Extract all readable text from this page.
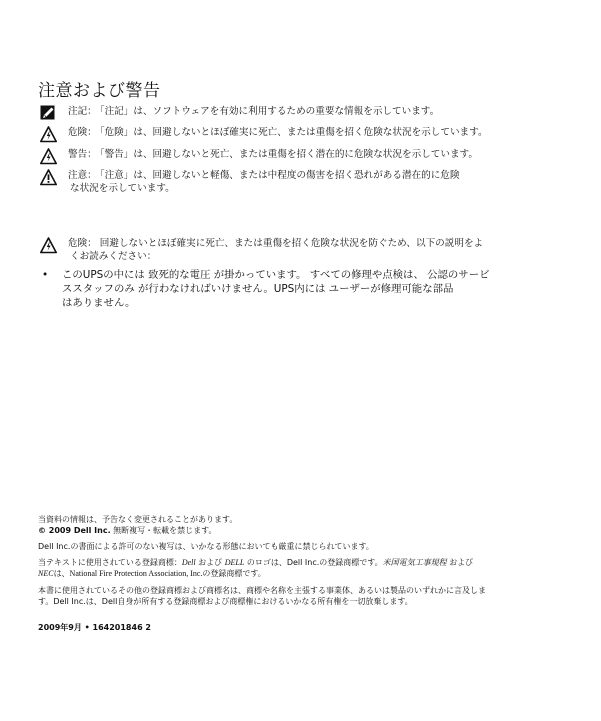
注意および警告
注記： 「注記」は、ソフトウェアを有効に利用するための重要な情報を示しています。
危険： 「危険」は、回避しないとほぼ確実に死亡、または重傷を招く危険な状況を示しています。
警告： 「警告」は、回避しないと死亡、または重傷を招く潜在的に危険な状況を示しています。
注意： 「注意」は、回避しないと軽傷、または中程度の傷害を招く恐れがある潜在的に危険
な状況を示しています。
危険： 回避しないとほぼ確実に死亡、または重傷を招く危険な状況を防ぐため、以下の説明をよ
くお読みください：
• このUPSの中には 致死的な電圧 が掛かっています。 すべての修理や点検は、 公認のサービ
ススタッフのみ が行わなければいけません。UPS内には ユーザーが修理可能な部品
はありません。
当資料の情報は、予告なく変更されることがあります。
© 2009 Dell Inc. 無断複写・転載を禁じます。
Dell Inc.の書面による許可のない複写は、いかなる形態においても厳重に禁じられています。
当テキストに使用されている登録商標：Dell および DELL のロゴは、Dell Inc.の登録商標です。米国電気工事規程 および
NECは、National Fire Protection Association, Inc.の登録商標です。
本書に使用されているその他の登録商標および商標名は、商標や名称を主張する事業体、あるいは製品のいずれかに言及しま
す。Dell Inc.は、Dell自身が所有する登録商標および商標権におけるいかなる所有権を一切放棄します。
2009年9月 • 164201846 2
